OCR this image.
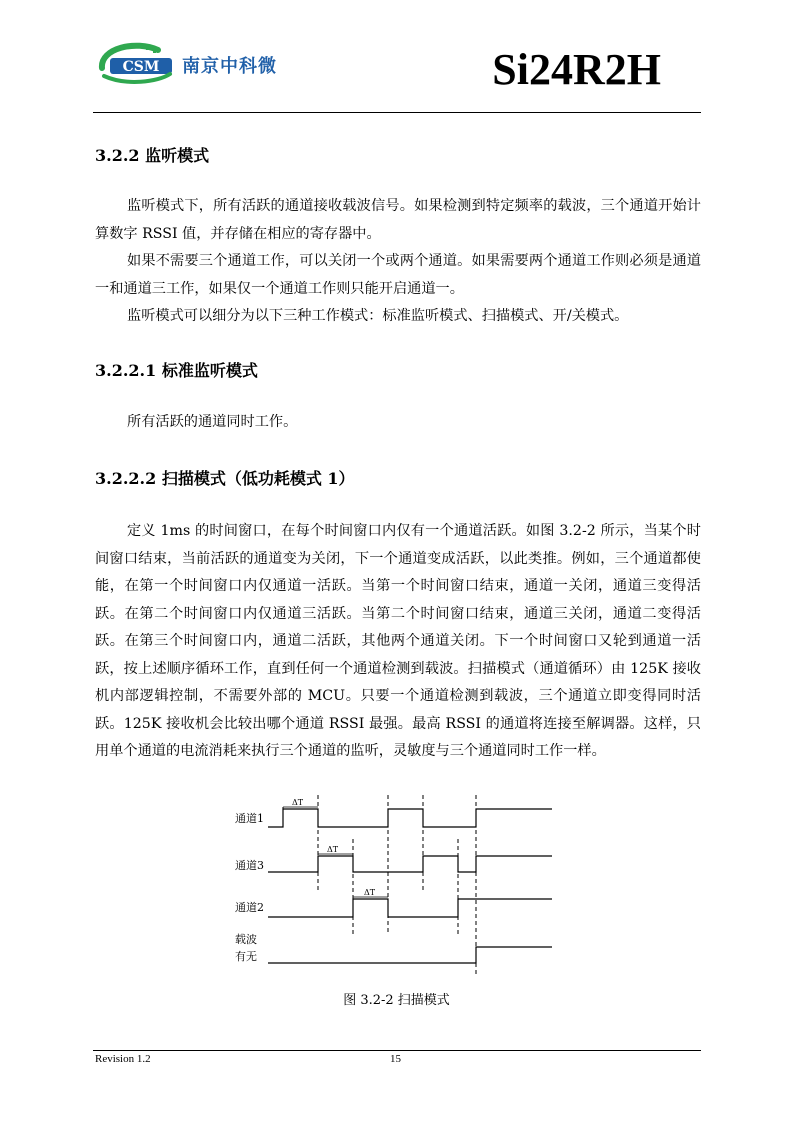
CSM 南京中科微	Si24R2H
3.2.2 监听模式

监听模式下，所有活跃的通道接收载波信号。如果检测到特定频率的载波，三个通道开始计算数字 RSSI 值，并存储在相应的寄存器中。

如果不需要三个通道工作，可以关闭一个或两个通道。如果需要两个通道工作则必须是通道一和通道三工作，如果仅一个通道工作则只能开启通道一。

监听模式可以细分为以下三种工作模式：标准监听模式、扫描模式、开/关模式。

3.2.2.1 标准监听模式

所有活跃的通道同时工作。

3.2.2.2 扫描模式（低功耗模式 1）

定义 1ms 的时间窗口，在每个时间窗口内仅有一个通道活跃。如图 3.2-2 所示，当某个时间窗口结束，当前活跃的通道变为关闭，下一个通道变成活跃，以此类推。例如，三个通道都使能，在第一个时间窗口内仅通道一活跃。当第一个时间窗口结束，通道一关闭，通道三变得活跃。在第二个时间窗口内仅通道三活跃。当第二个时间窗口结束，通道三关闭，通道二变得活跃。在第三个时间窗口内，通道二活跃，其他两个通道关闭。下一个时间窗口又轮到通道一活跃，按上述顺序循环工作，直到任何一个通道检测到载波。扫描模式（通道循环）由 125K 接收机内部逻辑控制，不需要外部的 MCU。只要一个通道检测到载波，三个通道立即变得同时活跃。125K 接收机会比较出哪个通道 RSSI 最强。最高 RSSI 的通道将连接至解调器。这样，只用单个通道的电流消耗来执行三个通道的监听，灵敏度与三个通道同时工作一样。

通道1
通道3
通道2
载波
有无
ΔT
ΔT
ΔT
图 3.2-2 扫描模式
Revision 1.2	15
